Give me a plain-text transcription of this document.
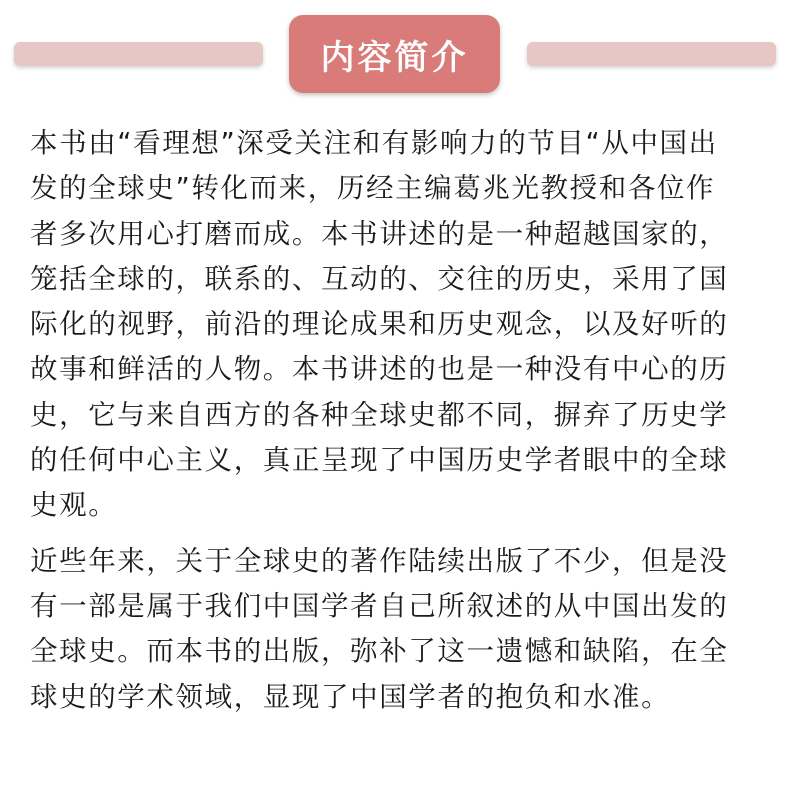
内容简介

本书由“看理想”深受关注和有影响力的节目“从中国出发的全球史”转化而来，历经主编葛兆光教授和各位作者多次用心打磨而成。本书讲述的是一种超越国家的，笼括全球的，联系的、互动的、交往的历史，采用了国际化的视野，前沿的理论成果和历史观念，以及好听的故事和鲜活的人物。本书讲述的也是一种没有中心的历史，它与来自西方的各种全球史都不同，摒弃了历史学的任何中心主义，真正呈现了中国历史学者眼中的全球史观。

近些年来，关于全球史的著作陆续出版了不少，但是没有一部是属于我们中国学者自己所叙述的从中国出发的全球史。而本书的出版，弥补了这一遗憾和缺陷，在全球史的学术领域，显现了中国学者的抱负和水准。
